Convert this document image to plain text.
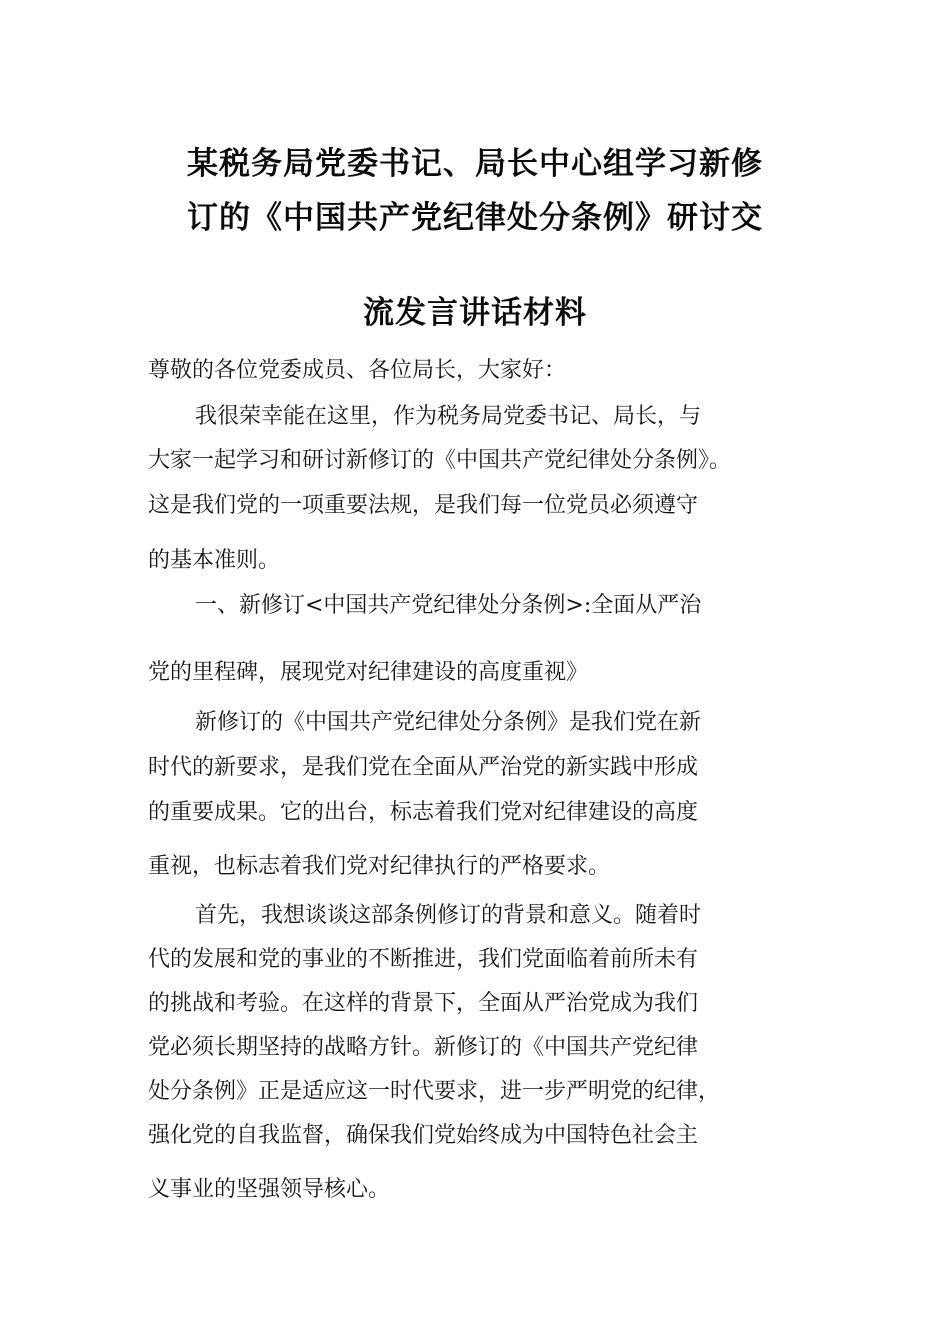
某税务局党委书记、局长中心组学习新修
订的《中国共产党纪律处分条例》研讨交
流发言讲话材料
尊敬的各位党委成员、各位局长，大家好：
我很荣幸能在这里，作为税务局党委书记、局长，与
大家一起学习和研讨新修订的《中国共产党纪律处分条例》。
这是我们党的一项重要法规，是我们每一位党员必须遵守
的基本准则。
一、新修订<中国共产党纪律处分条例>:全面从严治
党的里程碑，展现党对纪律建设的高度重视》
新修订的《中国共产党纪律处分条例》是我们党在新
时代的新要求，是我们党在全面从严治党的新实践中形成
的重要成果。它的出台，标志着我们党对纪律建设的高度
重视，也标志着我们党对纪律执行的严格要求。
首先，我想谈谈这部条例修订的背景和意义。随着时
代的发展和党的事业的不断推进，我们党面临着前所未有
的挑战和考验。在这样的背景下，全面从严治党成为我们
党必须长期坚持的战略方针。新修订的《中国共产党纪律
处分条例》正是适应这一时代要求，进一步严明党的纪律，
强化党的自我监督，确保我们党始终成为中国特色社会主
义事业的坚强领导核心。
